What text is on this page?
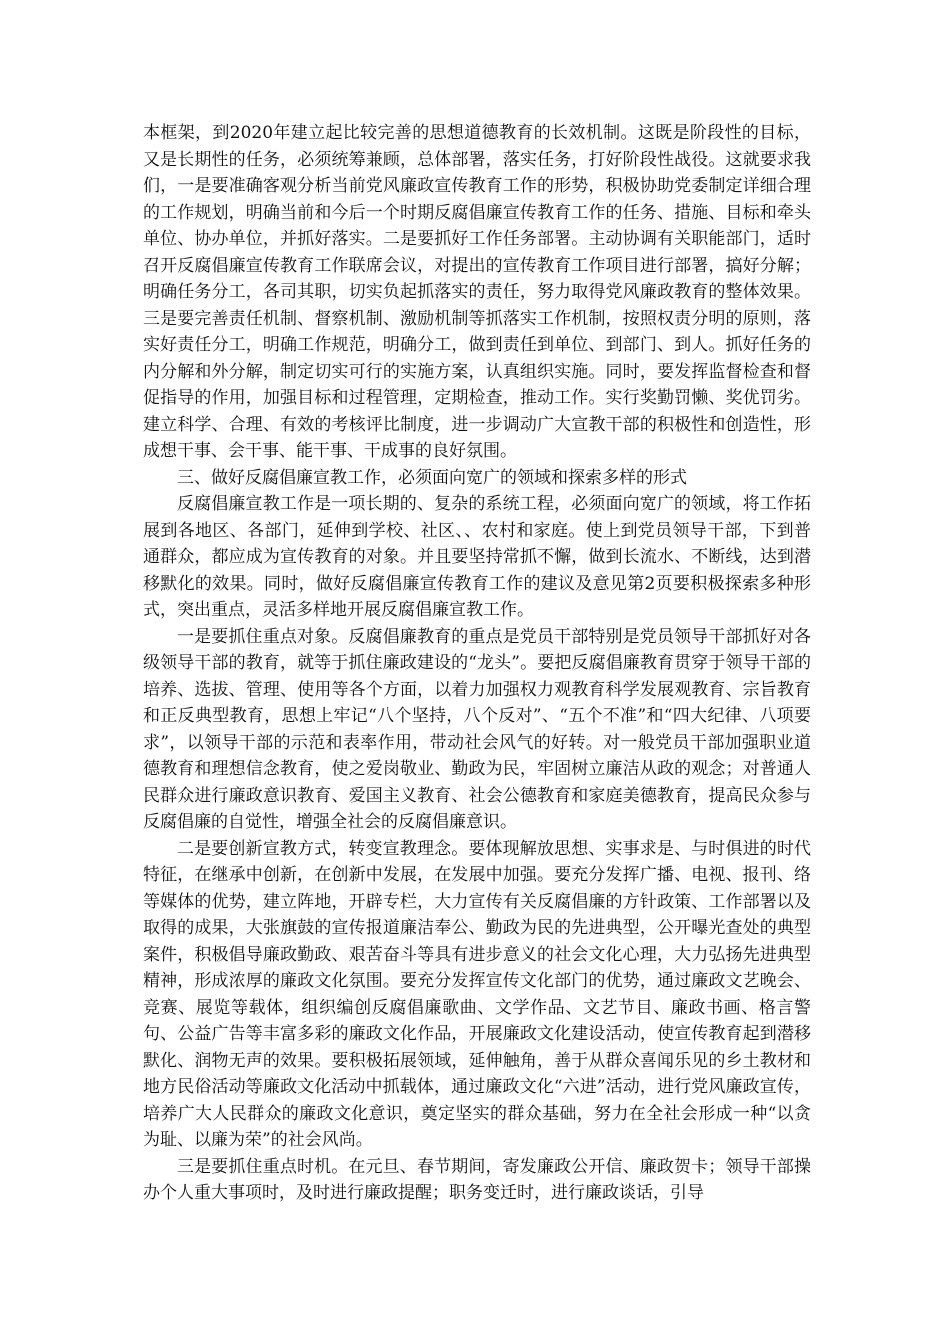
本框架，到2020年建立起比较完善的思想道德教育的长效机制。这既是阶段性的目标，又是长期性的任务，必须统筹兼顾，总体部署，落实任务，打好阶段性战役。这就要求我们，一是要准确客观分析当前党风廉政宣传教育工作的形势，积极协助党委制定详细合理的工作规划，明确当前和今后一个时期反腐倡廉宣传教育工作的任务、措施、目标和牵头单位、协办单位，并抓好落实。二是要抓好工作任务部署。主动协调有关职能部门，适时召开反腐倡廉宣传教育工作联席会议，对提出的宣传教育工作项目进行部署，搞好分解；明确任务分工，各司其职，切实负起抓落实的责任，努力取得党风廉政教育的整体效果。三是要完善责任机制、督察机制、激励机制等抓落实工作机制，按照权责分明的原则，落实好责任分工，明确工作规范，明确分工，做到责任到单位、到部门、到人。抓好任务的内分解和外分解，制定切实可行的实施方案，认真组织实施。同时，要发挥监督检查和督促指导的作用，加强目标和过程管理，定期检查，推动工作。实行奖勤罚懒、奖优罚劣。建立科学、合理、有效的考核评比制度，进一步调动广大宣教干部的积极性和创造性，形成想干事、会干事、能干事、干成事的良好氛围。

三、做好反腐倡廉宣教工作，必须面向宽广的领域和探索多样的形式

反腐倡廉宣教工作是一项长期的、复杂的系统工程，必须面向宽广的领域，将工作拓展到各地区、各部门，延伸到学校、社区、、农村和家庭。使上到党员领导干部，下到普通群众，都应成为宣传教育的对象。并且要坚持常抓不懈，做到长流水、不断线，达到潜移默化的效果。同时，做好反腐倡廉宣传教育工作的建议及意见第2页要积极探索多种形式，突出重点，灵活多样地开展反腐倡廉宣教工作。

一是要抓住重点对象。反腐倡廉教育的重点是党员干部特别是党员领导干部抓好对各级领导干部的教育，就等于抓住廉政建设的“龙头”。要把反腐倡廉教育贯穿于领导干部的培养、选拔、管理、使用等各个方面，以着力加强权力观教育科学发展观教育、宗旨教育和正反典型教育，思想上牢记“八个坚持，八个反对”、“五个不准”和“四大纪律、八项要求”，以领导干部的示范和表率作用，带动社会风气的好转。对一般党员干部加强职业道德教育和理想信念教育，使之爱岗敬业、勤政为民，牢固树立廉洁从政的观念；对普通人民群众进行廉政意识教育、爱国主义教育、社会公德教育和家庭美德教育，提高民众参与反腐倡廉的自觉性，增强全社会的反腐倡廉意识。

二是要创新宣教方式，转变宣教理念。要体现解放思想、实事求是、与时俱进的时代特征，在继承中创新，在创新中发展，在发展中加强。要充分发挥广播、电视、报刊、络等媒体的优势，建立阵地，开辟专栏，大力宣传有关反腐倡廉的方针政策、工作部署以及取得的成果，大张旗鼓的宣传报道廉洁奉公、勤政为民的先进典型，公开曝光查处的典型案件，积极倡导廉政勤政、艰苦奋斗等具有进步意义的社会文化心理，大力弘扬先进典型精神，形成浓厚的廉政文化氛围。要充分发挥宣传文化部门的优势，通过廉政文艺晚会、竞赛、展览等载体，组织编创反腐倡廉歌曲、文学作品、文艺节目、廉政书画、格言警句、公益广告等丰富多彩的廉政文化作品，开展廉政文化建设活动，使宣传教育起到潜移默化、润物无声的效果。要积极拓展领域，延伸触角，善于从群众喜闻乐见的乡土教材和地方民俗活动等廉政文化活动中抓载体，通过廉政文化“六进”活动，进行党风廉政宣传，培养广大人民群众的廉政文化意识，奠定坚实的群众基础，努力在全社会形成一种“以贪为耻、以廉为荣”的社会风尚。

三是要抓住重点时机。在元旦、春节期间，寄发廉政公开信、廉政贺卡；领导干部操办个人重大事项时，及时进行廉政提醒；职务变迁时，进行廉政谈话，引导
